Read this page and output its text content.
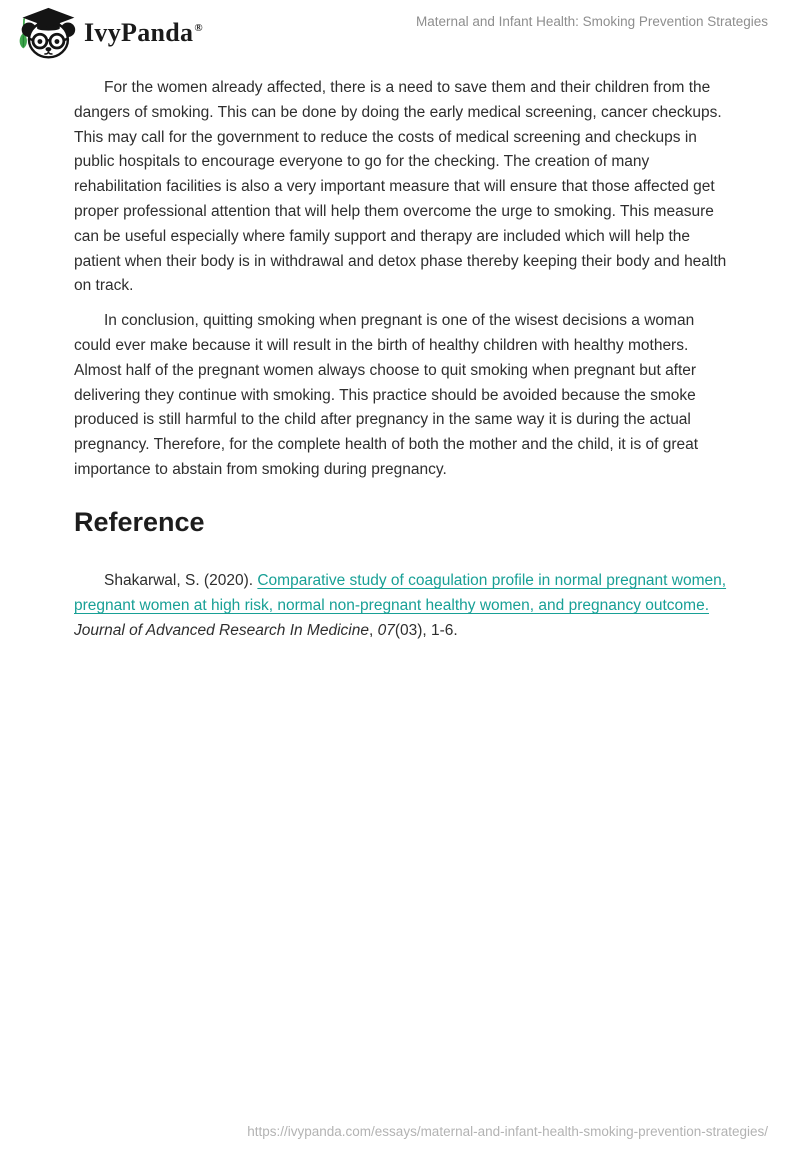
IvyPanda®	Maternal and Infant Health: Smoking Prevention Strategies

For the women already affected, there is a need to save them and their children from the dangers of smoking. This can be done by doing the early medical screening, cancer checkups. This may call for the government to reduce the costs of medical screening and checkups in public hospitals to encourage everyone to go for the checking. The creation of many rehabilitation facilities is also a very important measure that will ensure that those affected get proper professional attention that will help them overcome the urge to smoking. This measure can be useful especially where family support and therapy are included which will help the patient when their body is in withdrawal and detox phase thereby keeping their body and health on track.

In conclusion, quitting smoking when pregnant is one of the wisest decisions a woman could ever make because it will result in the birth of healthy children with healthy mothers. Almost half of the pregnant women always choose to quit smoking when pregnant but after delivering they continue with smoking. This practice should be avoided because the smoke produced is still harmful to the child after pregnancy in the same way it is during the actual pregnancy. Therefore, for the complete health of both the mother and the child, it is of great importance to abstain from smoking during pregnancy.

Reference

Shakarwal, S. (2020). Comparative study of coagulation profile in normal pregnant women, pregnant women at high risk, normal non-pregnant healthy women, and pregnancy outcome. Journal of Advanced Research In Medicine, 07(03), 1-6.

https://ivypanda.com/essays/maternal-and-infant-health-smoking-prevention-strategies/
